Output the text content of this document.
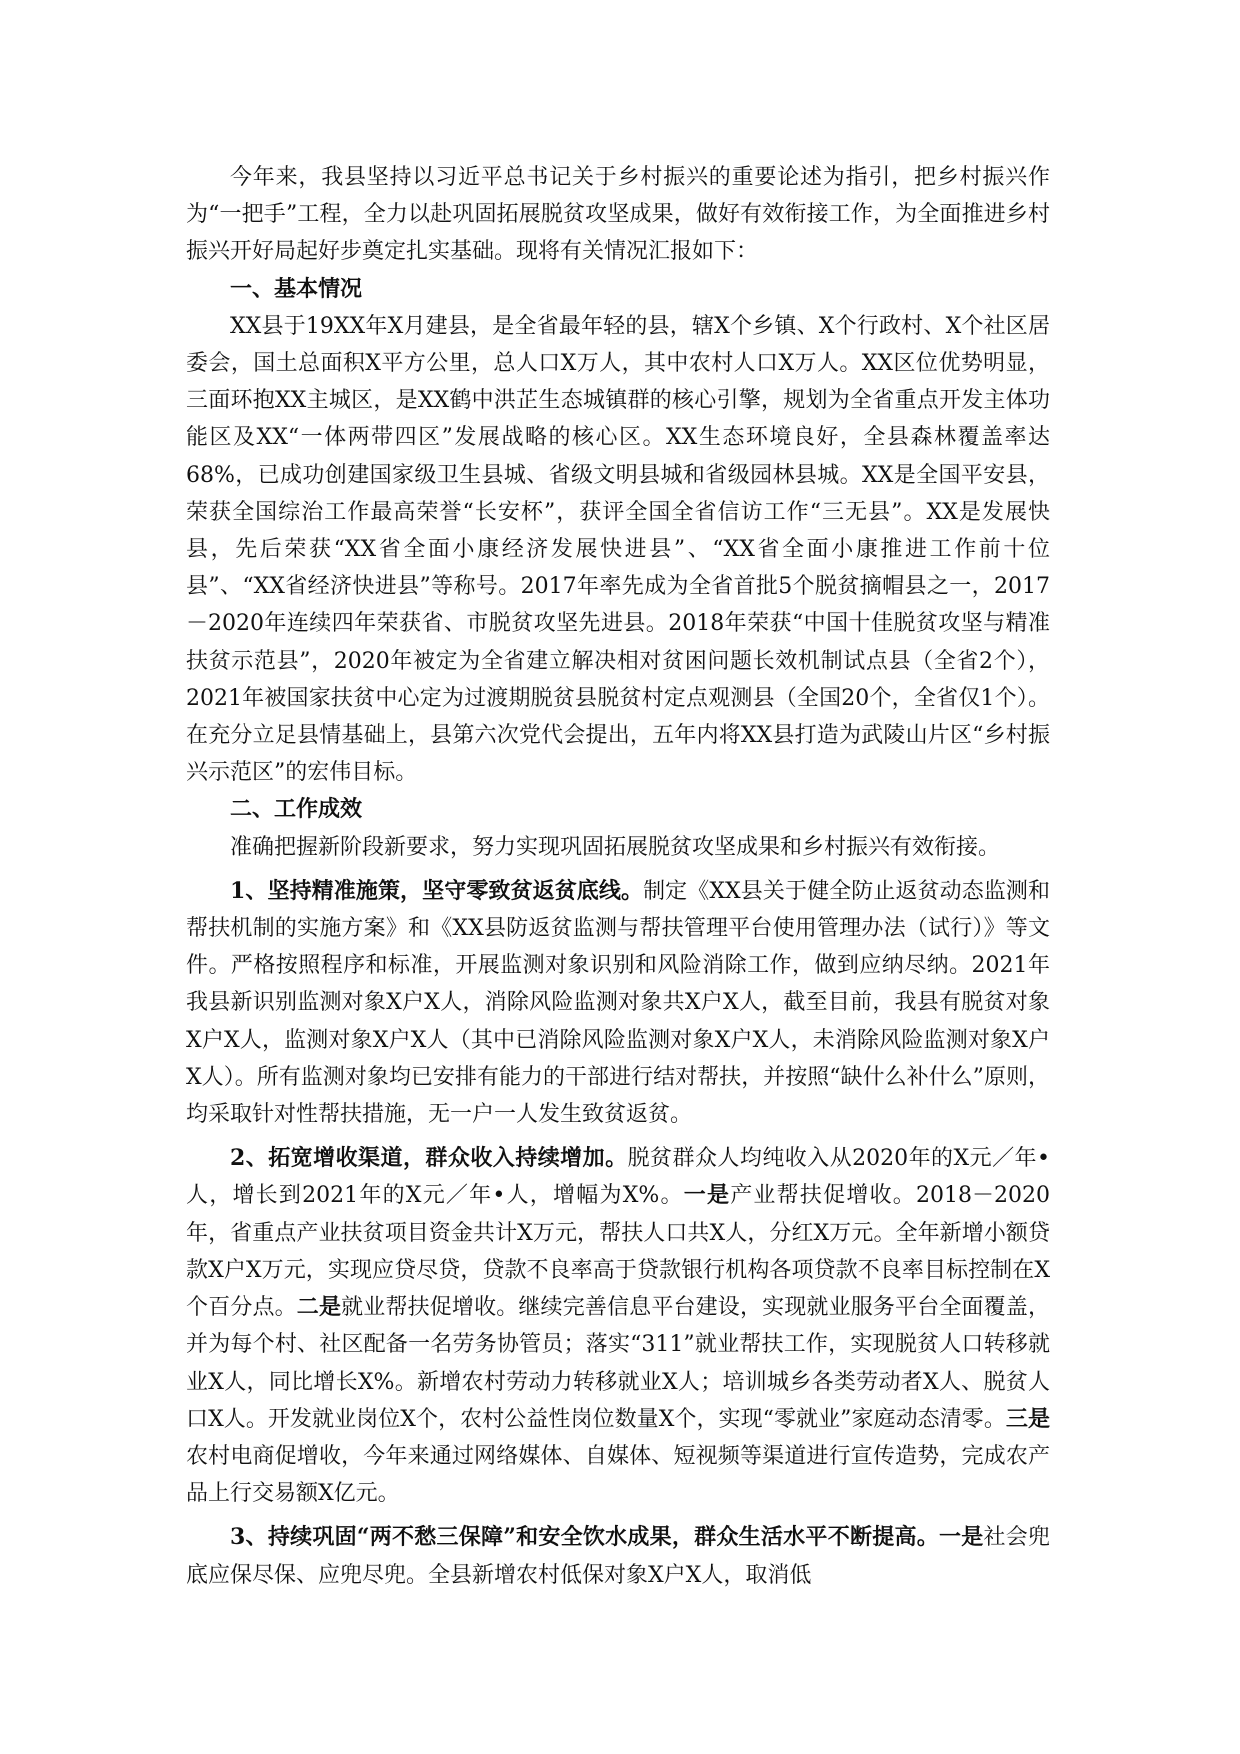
今年来，我县坚持以习近平总书记关于乡村振兴的重要论述为指引，把乡村振兴作为“一把手”工程，全力以赴巩固拓展脱贫攻坚成果，做好有效衔接工作，为全面推进乡村振兴开好局起好步奠定扎实基础。现将有关情况汇报如下：

一、基本情况

XX县于19XX年X月建县，是全省最年轻的县，辖X个乡镇、X个行政村、X个社区居委会，国土总面积X平方公里，总人口X万人，其中农村人口X万人。XX区位优势明显，三面环抱XX主城区，是XX鹤中洪芷生态城镇群的核心引擎，规划为全省重点开发主体功能区及XX“一体两带四区”发展战略的核心区。XX生态环境良好，全县森林覆盖率达68%，已成功创建国家级卫生县城、省级文明县城和省级园林县城。XX是全国平安县，荣获全国综治工作最高荣誉“长安杯”，获评全国全省信访工作“三无县”。XX是发展快县，先后荣获“XX省全面小康经济发展快进县”、“XX省全面小康推进工作前十位县”、“XX省经济快进县”等称号。2017年率先成为全省首批5个脱贫摘帽县之一，2017－2020年连续四年荣获省、市脱贫攻坚先进县。2018年荣获“中国十佳脱贫攻坚与精准扶贫示范县”，2020年被定为全省建立解决相对贫困问题长效机制试点县（全省2个），2021年被国家扶贫中心定为过渡期脱贫县脱贫村定点观测县（全国20个，全省仅1个）。在充分立足县情基础上，县第六次党代会提出，五年内将XX县打造为武陵山片区“乡村振兴示范区”的宏伟目标。

二、工作成效

准确把握新阶段新要求，努力实现巩固拓展脱贫攻坚成果和乡村振兴有效衔接。

1、坚持精准施策，坚守零致贫返贫底线。制定《XX县关于健全防止返贫动态监测和帮扶机制的实施方案》和《XX县防返贫监测与帮扶管理平台使用管理办法（试行）》等文件。严格按照程序和标准，开展监测对象识别和风险消除工作，做到应纳尽纳。2021年我县新识别监测对象X户X人，消除风险监测对象共X户X人，截至目前，我县有脱贫对象X户X人，监测对象X户X人（其中已消除风险监测对象X户X人，未消除风险监测对象X户X人）。所有监测对象均已安排有能力的干部进行结对帮扶，并按照“缺什么补什么”原则，均采取针对性帮扶措施，无一户一人发生致贫返贫。

2、拓宽增收渠道，群众收入持续增加。脱贫群众人均纯收入从2020年的X元／年•人，增长到2021年的X元／年•人，增幅为X%。一是产业帮扶促增收。2018－2020年，省重点产业扶贫项目资金共计X万元，帮扶人口共X人，分红X万元。全年新增小额贷款X户X万元，实现应贷尽贷，贷款不良率高于贷款银行机构各项贷款不良率目标控制在X个百分点。二是就业帮扶促增收。继续完善信息平台建设，实现就业服务平台全面覆盖，并为每个村、社区配备一名劳务协管员；落实“311”就业帮扶工作，实现脱贫人口转移就业X人，同比增长X%。新增农村劳动力转移就业X人；培训城乡各类劳动者X人、脱贫人口X人。开发就业岗位X个，农村公益性岗位数量X个，实现“零就业”家庭动态清零。三是农村电商促增收，今年来通过网络媒体、自媒体、短视频等渠道进行宣传造势，完成农产品上行交易额X亿元。

3、持续巩固“两不愁三保障”和安全饮水成果，群众生活水平不断提高。一是社会兜底应保尽保、应兜尽兜。全县新增农村低保对象X户X人，取消低
